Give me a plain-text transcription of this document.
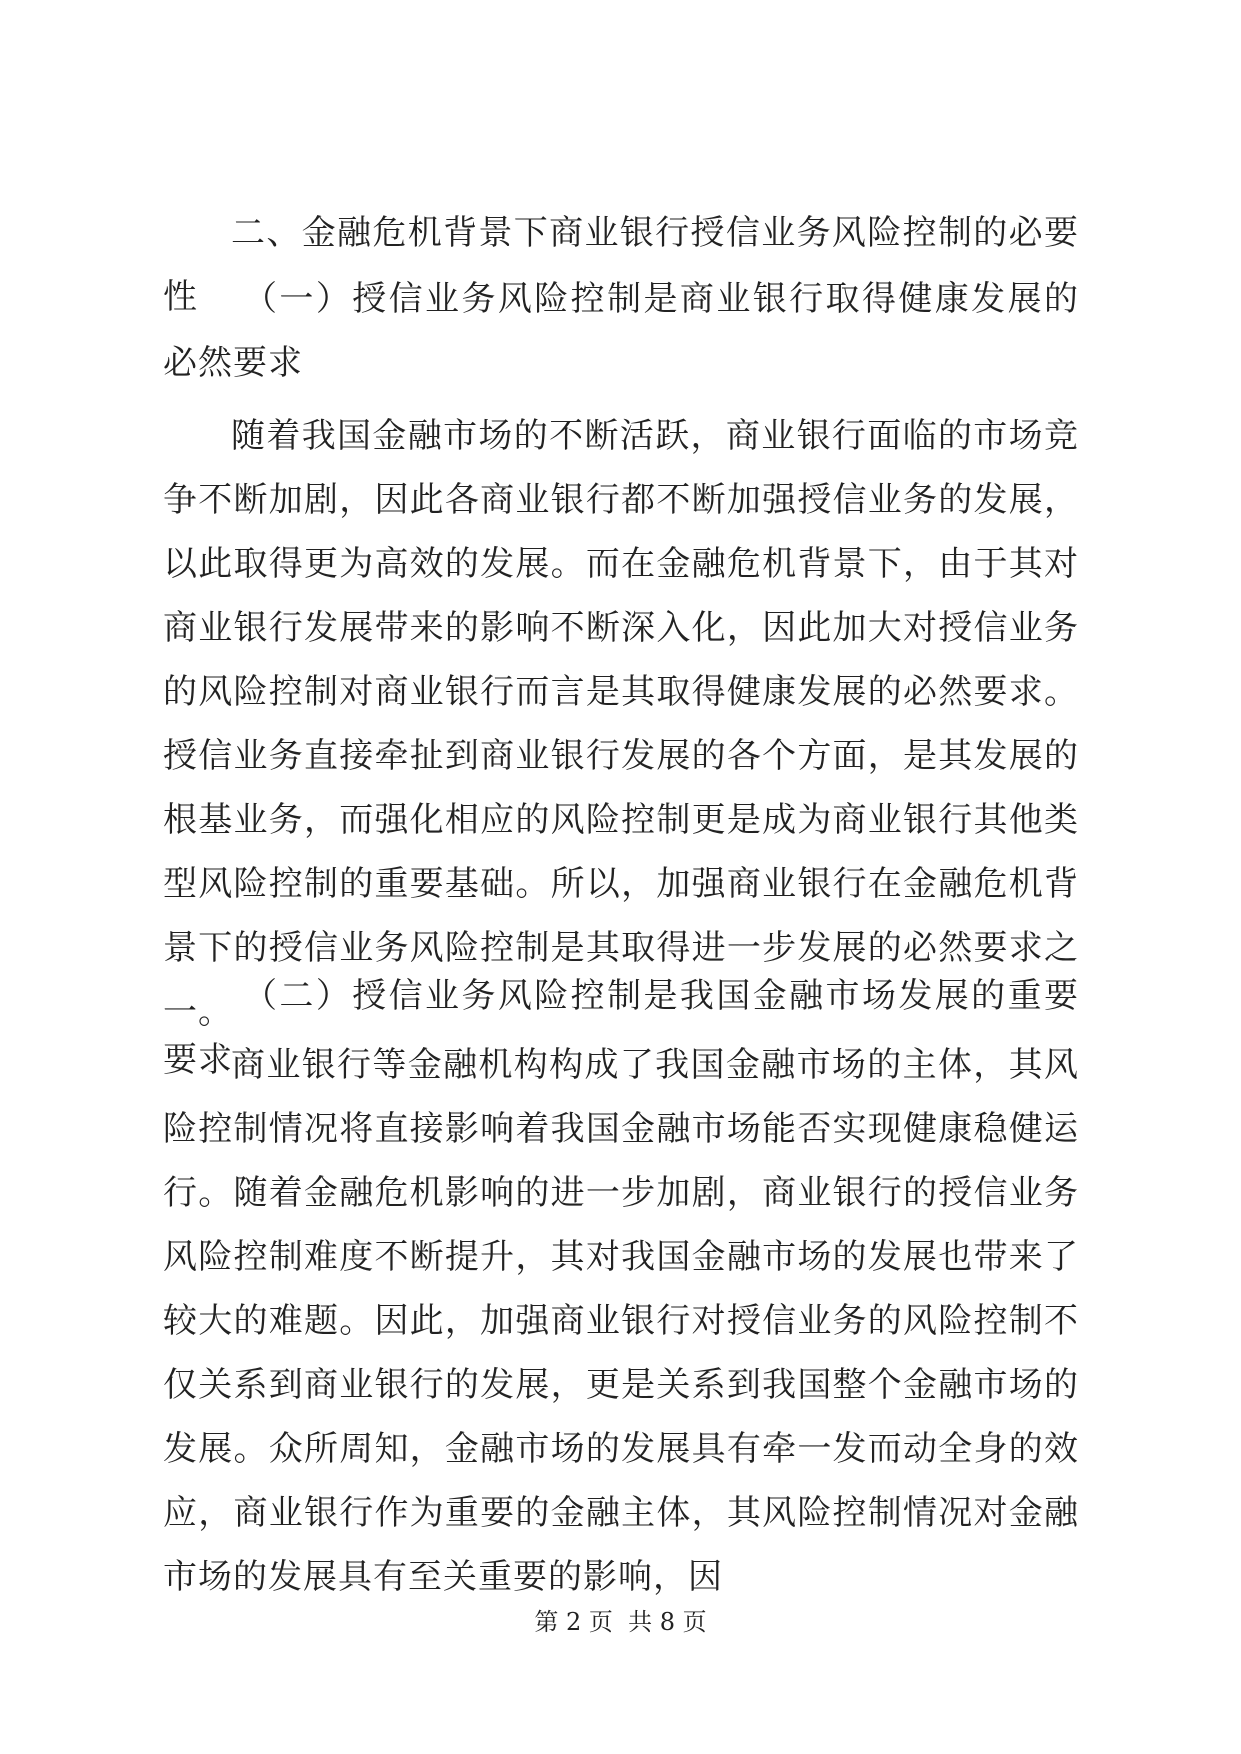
二、金融危机背景下商业银行授信业务风险控制的必要性	（一）授信业务风险控制是商业银行取得健康发展的必然要求
随着我国金融市场的不断活跃，商业银行面临的市场竞争不断加剧，因此各商业银行都不断加强授信业务的发展，以此取得更为高效的发展。而在金融危机背景下，由于其对商业银行发展带来的影响不断深入化，因此加大对授信业务的风险控制对商业银行而言是其取得健康发展的必然要求。授信业务直接牵扯到商业银行发展的各个方面，是其发展的根基业务，而强化相应的风险控制更是成为商业银行其他类型风险控制的重要基础。所以，加强商业银行在金融危机背景下的授信业务风险控制是其取得进一步发展的必然要求之一。 （二）授信业务风险控制是我国金融市场发展的重要要求
商业银行等金融机构构成了我国金融市场的主体，其风险控制情况将直接影响着我国金融市场能否实现健康稳健运行。随着金融危机影响的进一步加剧，商业银行的授信业务风险控制难度不断提升，其对我国金融市场的发展也带来了较大的难题。因此，加强商业银行对授信业务的风险控制不仅关系到商业银行的发展，更是关系到我国整个金融市场的发展。众所周知，金融市场的发展具有牵一发而动全身的效应，商业银行作为重要的金融主体，其风险控制情况对金融市场的发展具有至关重要的影响，因
第 2 页  共 8 页
